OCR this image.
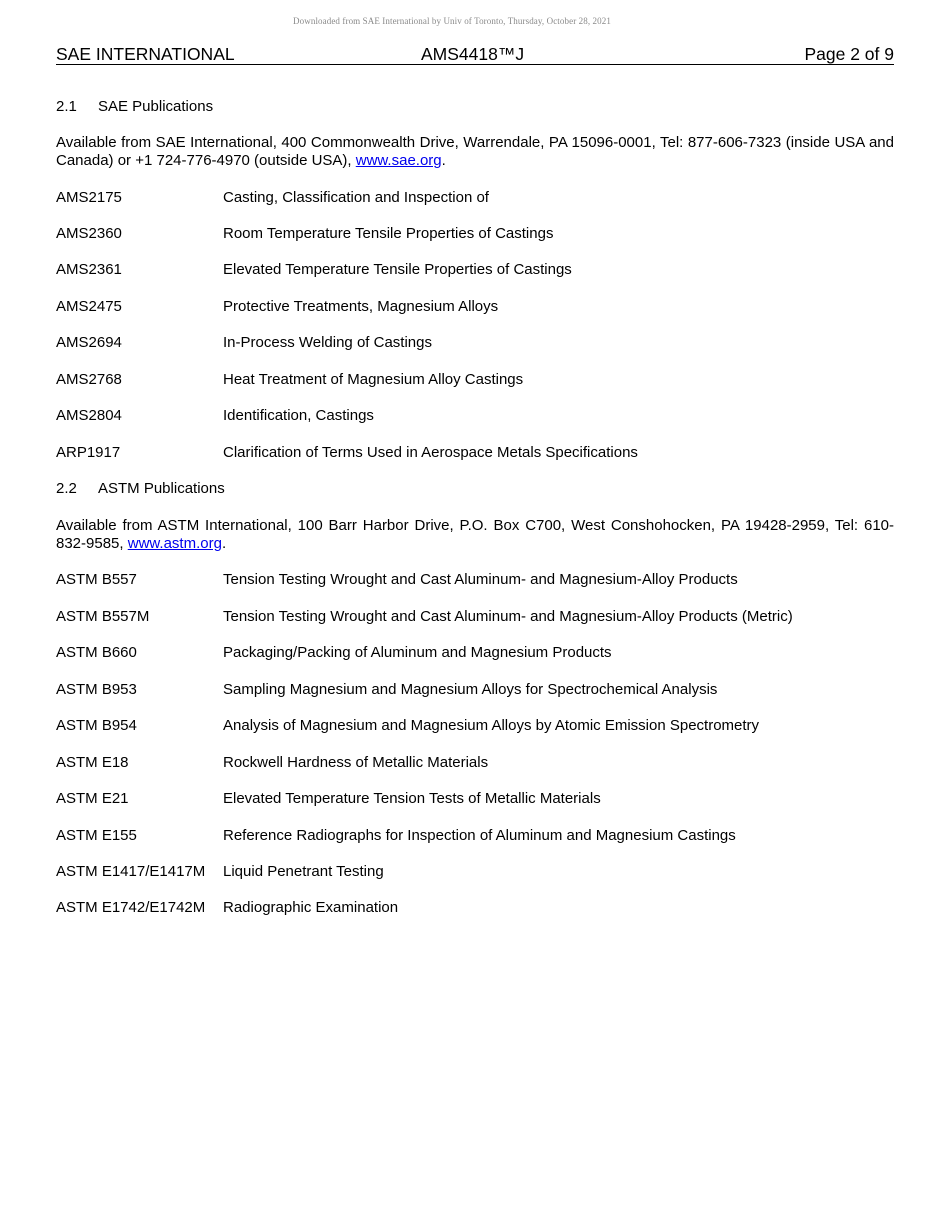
Downloaded from SAE International by Univ of Toronto, Thursday, October 28, 2021
SAE INTERNATIONAL	AMS4418™J	Page 2 of 9
2.1 SAE Publications
Available from SAE International, 400 Commonwealth Drive, Warrendale, PA 15096-0001, Tel: 877-606-7323 (inside USA and Canada) or +1 724-776-4970 (outside USA), www.sae.org.
AMS2175	Casting, Classification and Inspection of
AMS2360	Room Temperature Tensile Properties of Castings
AMS2361	Elevated Temperature Tensile Properties of Castings
AMS2475	Protective Treatments, Magnesium Alloys
AMS2694	In-Process Welding of Castings
AMS2768	Heat Treatment of Magnesium Alloy Castings
AMS2804	Identification, Castings
ARP1917	Clarification of Terms Used in Aerospace Metals Specifications
2.2 ASTM Publications
Available from ASTM International, 100 Barr Harbor Drive, P.O. Box C700, West Conshohocken, PA 19428-2959, Tel: 610-832-9585, www.astm.org.
ASTM B557	Tension Testing Wrought and Cast Aluminum- and Magnesium-Alloy Products
ASTM B557M	Tension Testing Wrought and Cast Aluminum- and Magnesium-Alloy Products (Metric)
ASTM B660	Packaging/Packing of Aluminum and Magnesium Products
ASTM B953	Sampling Magnesium and Magnesium Alloys for Spectrochemical Analysis
ASTM B954	Analysis of Magnesium and Magnesium Alloys by Atomic Emission Spectrometry
ASTM E18	Rockwell Hardness of Metallic Materials
ASTM E21	Elevated Temperature Tension Tests of Metallic Materials
ASTM E155	Reference Radiographs for Inspection of Aluminum and Magnesium Castings
ASTM E1417/E1417M Liquid Penetrant Testing
ASTM E1742/E1742M Radiographic Examination
